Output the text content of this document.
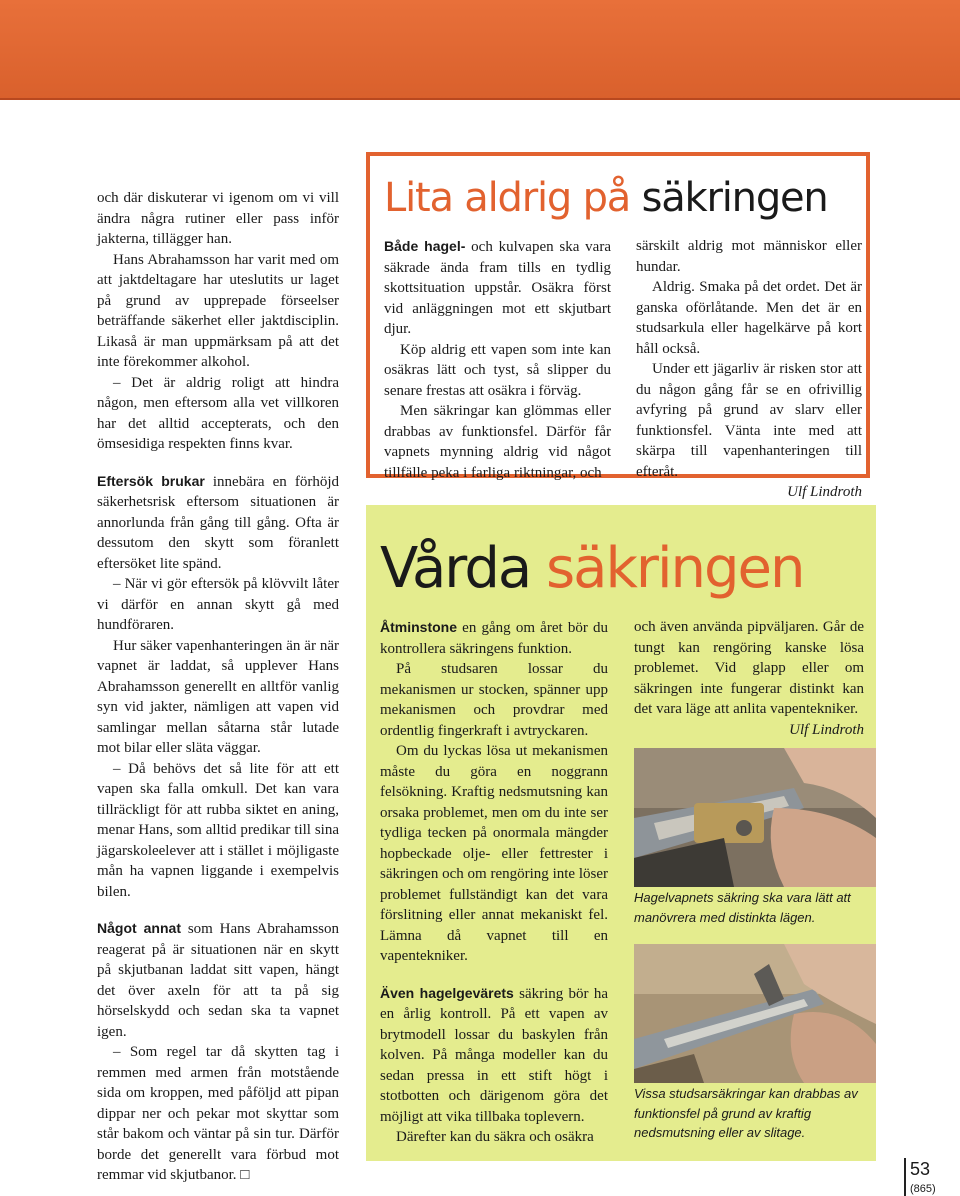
och där diskuterar vi igenom om vi vill ändra några rutiner eller pass inför jakterna, tillägger han.

Hans Abrahamsson har varit med om att jaktdeltagare har uteslutits ur laget på grund av upprepade förseelser beträffande säkerhet eller jaktdisciplin. Likaså är man uppmärksam på att det inte förekommer alkohol.

– Det är aldrig roligt att hindra någon, men eftersom alla vet villkoren har det alltid accepterats, och den ömsesidiga respekten finns kvar.

Eftersök brukar innebära en förhöjd säkerhetsrisk eftersom situationen är annorlunda från gång till gång. Ofta är dessutom den skytt som föranlett eftersöket lite spänd.

– När vi gör eftersök på klövvilt låter vi därför en annan skytt gå med hundföraren.

Hur säker vapenhanteringen än är när vapnet är laddat, så upplever Hans Abrahamsson generellt en alltför vanlig syn vid jakter, nämligen att vapen vid samlingar mellan såtarna står lutade mot bilar eller släta väggar.

– Då behövs det så lite för att ett vapen ska falla omkull. Det kan vara tillräckligt för att rubba siktet en aning, menar Hans, som alltid predikar till sina jägarskoleelever att i stället i möjligaste mån ha vapnen liggande i exempelvis bilen.

Något annat som Hans Abrahamsson reagerat på är situationen när en skytt på skjutbanan laddat sitt vapen, hängt det över axeln för att ta på sig hörselskydd och sedan ska ta vapnet igen.

– Som regel tar då skytten tag i remmen med armen från motstående sida om kroppen, med påföljd att pipan dippar ner och pekar mot skyttar som står bakom och väntar på sin tur. Därför borde det generellt vara förbud mot remmar vid skjutbanor. □

Lita aldrig på säkringen

Både hagel- och kulvapen ska vara säkrade ända fram tills en tydlig skottsituation uppstår. Osäkra först vid anläggningen mot ett skjutbart djur.

Köp aldrig ett vapen som inte kan osäkras lätt och tyst, så slipper du senare frestas att osäkra i förväg.

Men säkringar kan glömmas eller drabbas av funktionsfel. Därför får vapnets mynning aldrig vid något tillfälle peka i farliga riktningar, och

särskilt aldrig mot människor eller hundar.

Aldrig. Smaka på det ordet. Det är ganska oförlåtande. Men det är en studsarkula eller hagelkärve på kort håll också.

Under ett jägarliv är risken stor att du någon gång får se en ofrivillig avfyring på grund av slarv eller funktionsfel. Vänta inte med att skärpa till vapenhanteringen till efteråt.

Ulf Lindroth

Vårda säkringen

Åtminstone en gång om året bör du kontrollera säkringens funktion.

På studsaren lossar du mekanismen ur stocken, spänner upp mekanismen och provdrar med ordentlig fingerkraft i avtryckaren.

Om du lyckas lösa ut mekanismen måste du göra en noggrann felsökning. Kraftig nedsmutsning kan orsaka problemet, men om du inte ser tydliga tecken på onormala mängder hopbeckade olje- eller fettrester i säkringen och om rengöring inte löser problemet fullständigt kan det vara förslitning eller annat mekaniskt fel. Lämna då vapnet till en vapentekniker.

Även hagelgevärets säkring bör ha en årlig kontroll. På ett vapen av brytmodell lossar du baskylen från kolven. På många modeller kan du sedan pressa in ett stift högt i stotbotten och därigenom göra det möjligt att vika tillbaka toplevern.

Därefter kan du säkra och osäkra

och även använda pipväljaren. Går de tungt kan rengöring kanske lösa problemet. Vid glapp eller om säkringen inte fungerar distinkt kan det vara läge att anlita vapentekniker.

Ulf Lindroth

Hagelvapnets säkring ska vara lätt att manövrera med distinkta lägen.
Vissa studsarsäkringar kan drabbas av funktionsfel på grund av kraftig nedsmutsning eller av slitage.
53
(865)
